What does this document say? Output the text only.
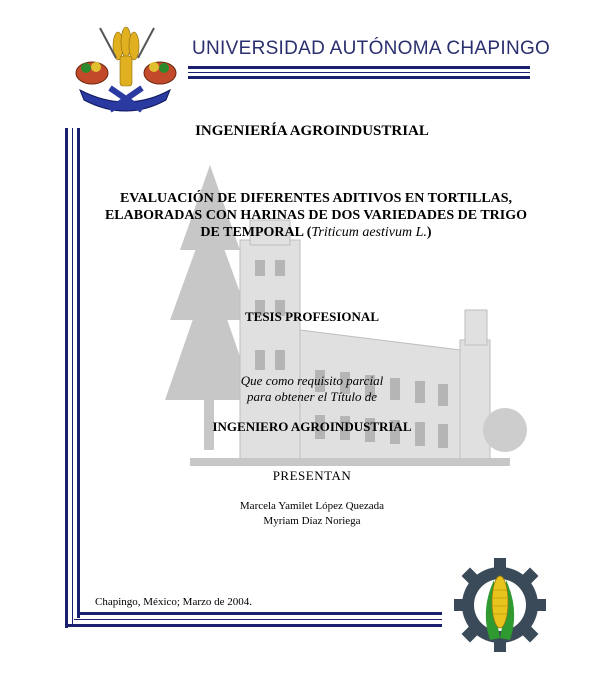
UNIVERSIDAD AUTÓNOMA CHAPINGO
INGENIERÍA AGROINDUSTRIAL
EVALUACIÓN DE DIFERENTES ADITIVOS EN TORTILLAS,
ELABORADAS CON HARINAS DE DOS VARIEDADES DE TRIGO
DE TEMPORAL (Triticum aestivum L.)
TESIS PROFESIONAL
Que como requisito parcial
para obtener el Título de
INGENIERO AGROINDUSTRIAL
PRESENTAN
Marcela Yamilet López Quezada
Myriam Díaz Noriega
Chapingo, México; Marzo de 2004.
